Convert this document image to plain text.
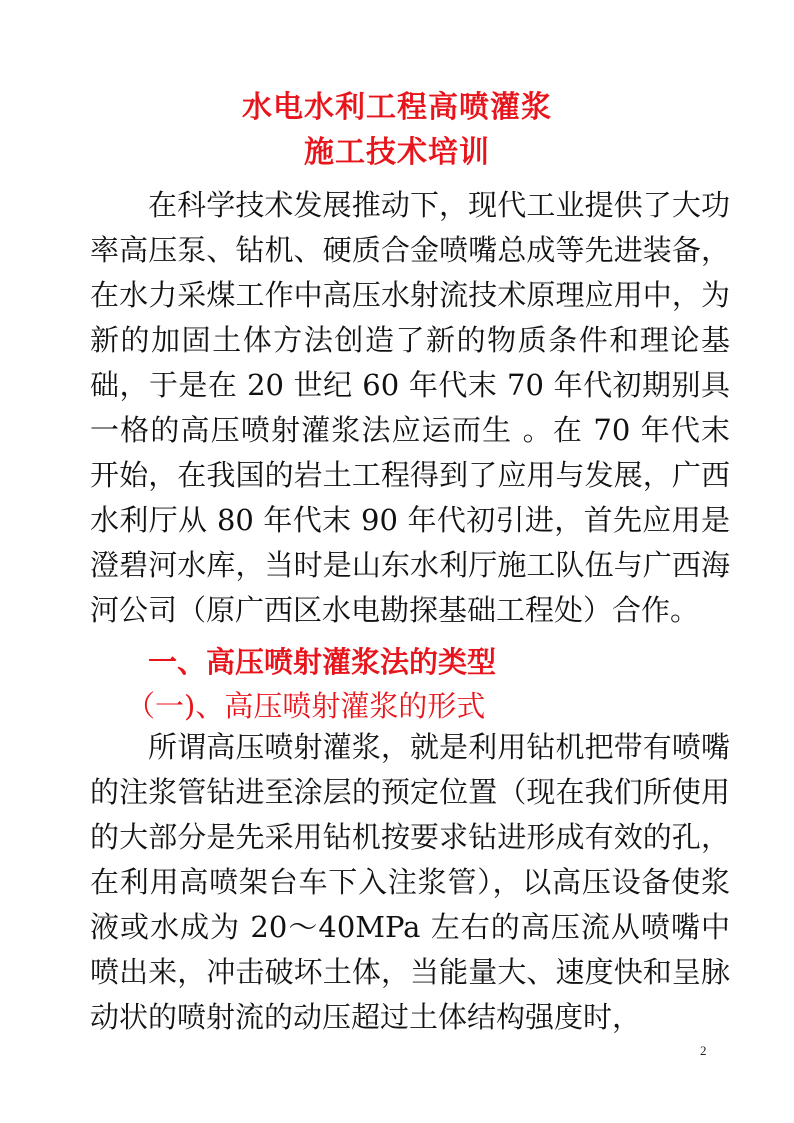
水电水利工程高喷灌浆
施工技术培训

在科学技术发展推动下，现代工业提供了大功率高压泵、钻机、硬质合金喷嘴总成等先进装备，在水力采煤工作中高压水射流技术原理应用中，为新的加固土体方法创造了新的物质条件和理论基础，于是在 20 世纪 60 年代末 70 年代初期别具一格的高压喷射灌浆法应运而生 。在 70 年代末开始，在我国的岩土工程得到了应用与发展，广西水利厅从 80 年代末 90 年代初引进，首先应用是澄碧河水库，当时是山东水利厅施工队伍与广西海河公司（原广西区水电勘探基础工程处）合作。

一、高压喷射灌浆法的类型

（一)、高压喷射灌浆的形式

所谓高压喷射灌浆，就是利用钻机把带有喷嘴的注浆管钻进至涂层的预定位置（现在我们所使用的大部分是先采用钻机按要求钻进形成有效的孔，在利用高喷架台车下入注浆管），以高压设备使浆液或水成为 20～40MPa 左右的高压流从喷嘴中喷出来，冲击破坏土体，当能量大、速度快和呈脉动状的喷射流的动压超过土体结构强度时，

2
